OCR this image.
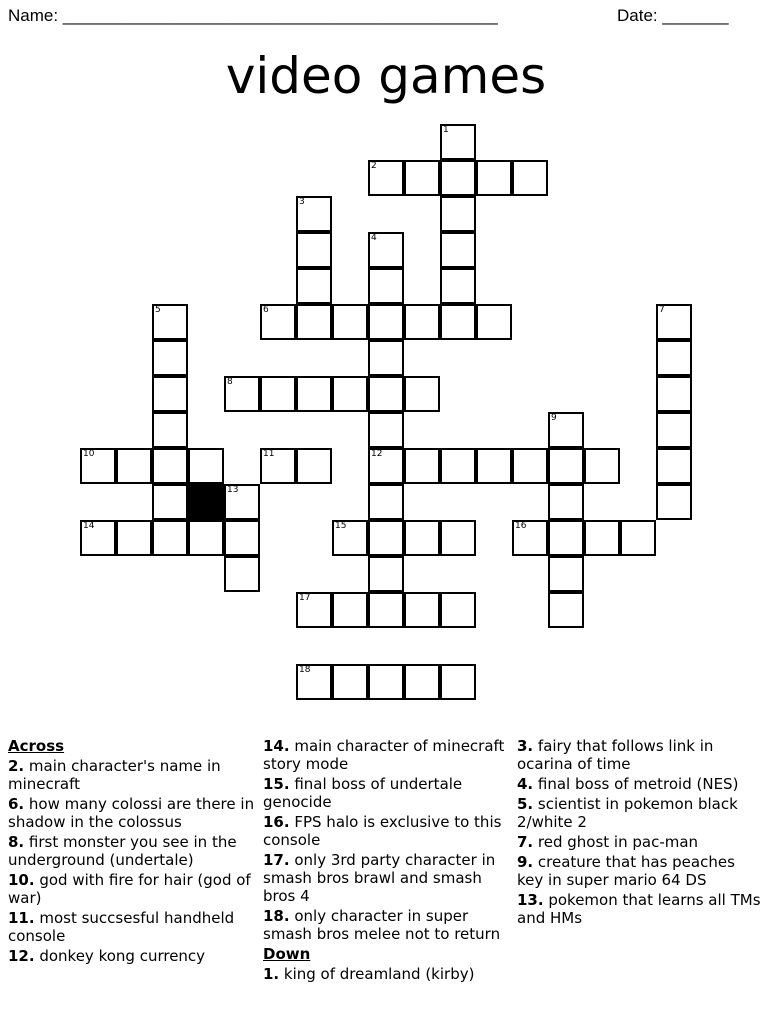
Name: ______________________________________________	Date: _______
video games
1
2
3
4
5	6	7
8
9
10	11	12
13
14	15	16
17
18
Across
2. main character's name in minecraft
6. how many colossi are there in shadow in the colossus
8. first monster you see in the underground (undertale)
10. god with fire for hair (god of war)
11. most succsesful handheld console
12. donkey kong currency
14. main character of minecraft story mode
15. final boss of undertale genocide
16. FPS halo is exclusive to this console
17. only 3rd party character in smash bros brawl and smash bros 4
18. only character in super smash bros melee not to return
Down
1. king of dreamland (kirby)
3. fairy that follows link in ocarina of time
4. final boss of metroid (NES)
5. scientist in pokemon black 2/white 2
7. red ghost in pac-man
9. creature that has peaches key in super mario 64 DS
13. pokemon that learns all TMs and HMs
